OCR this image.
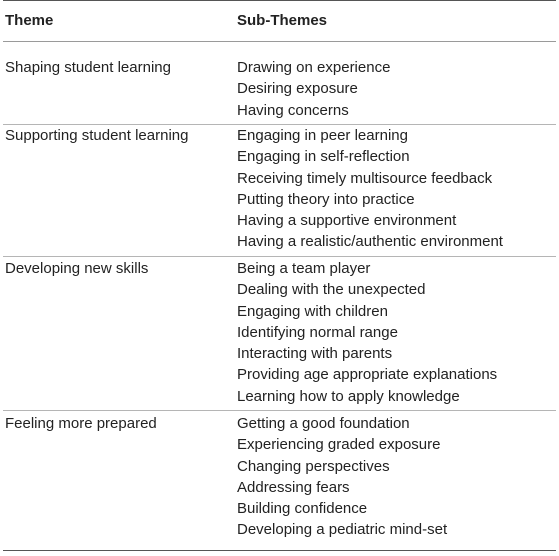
Theme	Sub-Themes
Shaping student learning	Drawing on experience
Desiring exposure
Having concerns
Supporting student learning	Engaging in peer learning
Engaging in self-reflection
Receiving timely multisource feedback
Putting theory into practice
Having a supportive environment
Having a realistic/authentic environment
Developing new skills	Being a team player
Dealing with the unexpected
Engaging with children
Identifying normal range
Interacting with parents
Providing age appropriate explanations
Learning how to apply knowledge
Feeling more prepared	Getting a good foundation
Experiencing graded exposure
Changing perspectives
Addressing fears
Building confidence
Developing a pediatric mind-set
